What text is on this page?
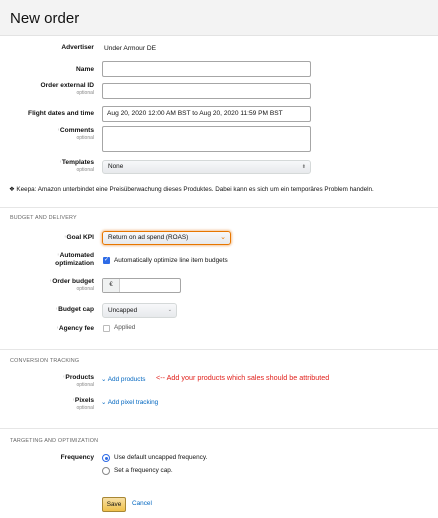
New order
Advertiser Under Armour DE
Name
Order external ID
optional
Flight dates and time	Aug 20, 2020 12:00 AM BST to Aug 20, 2020 11:59 PM BST
$^{^i}$Comments
optional
$^{^i}$Templates
optional	None	⬍
❖ Keepa: Amazon unterbindet eine Preisüberwachung dieses Produktes. Dabei kann es sich um ein temporäres Problem handeln.
BUDGET AND DELIVERY
$^{^i}$Goal KPI	Return on ad spend (ROAS)	⌄
$^{^i}$Automated
optimization
✓	Automatically optimize line item budgets
$^{^i}$Order budget
optional
€
$^{^i}$Budget cap	Uncapped	⌄
$^{^i}$Agency fee	Applied
CONVERSION TRACKING
$^{^i}$Products
optional
⌄ Add products <-- Add your products which sales should be attributed
$^{^i}$Pixels
optional
⌄ Add pixel tracking
TARGETING AND OPTIMIZATION
Frequency	Use default uncapped frequency.
Set a frequency cap.
Save	Cancel
